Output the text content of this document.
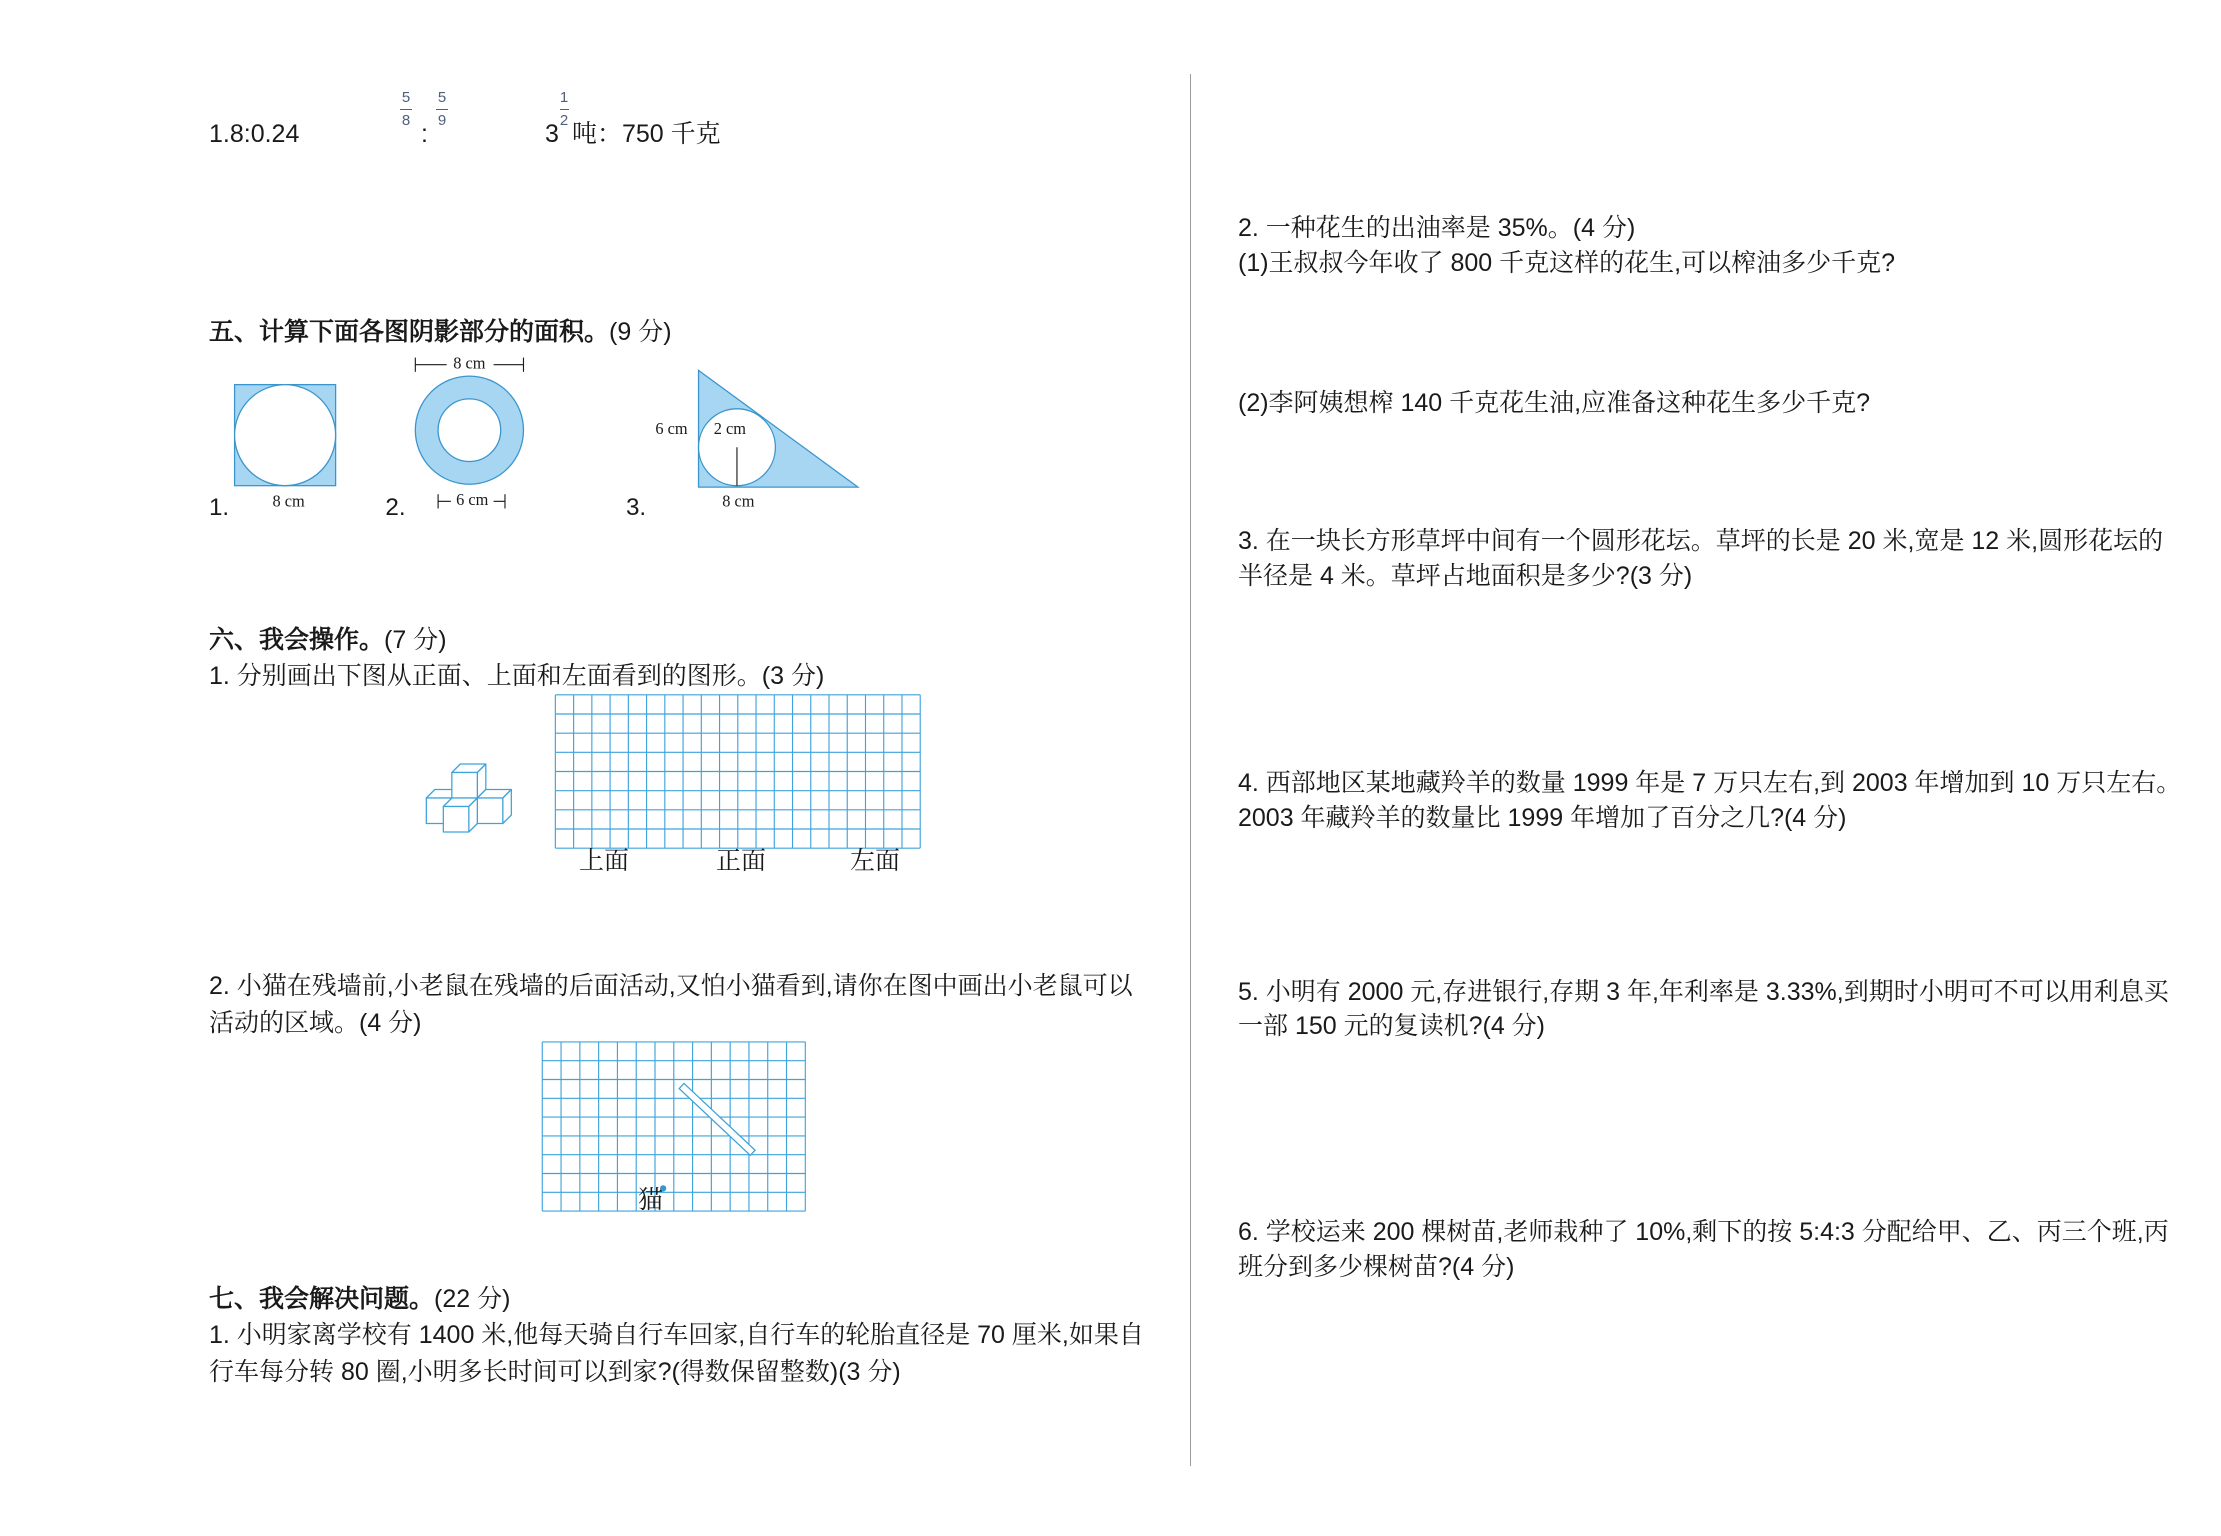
1.8:0.24
5
8 :
5
9	3
1
2 吨：750 千克
五、计算下面各图阴影部分的面积。(9 分)
8 cm
1.
8 cm
6 cm
2.
6 cm 2 cm
8 cm
3.
六、我会操作。(7 分)
1. 分别画出下图从正面、上面和左面看到的图形。(3 分)
上面	正面	左面
2. 小猫在残墙前,小老鼠在残墙的后面活动,又怕小猫看到,请你在图中画出小老鼠可以
活动的区域。(4 分)
猫
七、我会解决问题。(22 分)
1. 小明家离学校有 1400 米,他每天骑自行车回家,自行车的轮胎直径是 70 厘米,如果自
行车每分转 80 圈,小明多长时间可以到家?(得数保留整数)(3 分)
2. 一种花生的出油率是 35%。(4 分)
(1)王叔叔今年收了 800 千克这样的花生,可以榨油多少千克?
(2)李阿姨想榨 140 千克花生油,应准备这种花生多少千克?
3. 在一块长方形草坪中间有一个圆形花坛。草坪的长是 20 米,宽是 12 米,圆形花坛的
半径是 4 米。草坪占地面积是多少?(3 分)
4. 西部地区某地藏羚羊的数量 1999 年是 7 万只左右,到 2003 年增加到 10 万只左右。
2003 年藏羚羊的数量比 1999 年增加了百分之几?(4 分)
5. 小明有 2000 元,存进银行,存期 3 年,年利率是 3.33%,到期时小明可不可以用利息买
一部 150 元的复读机?(4 分)
6. 学校运来 200 棵树苗,老师栽种了 10%,剩下的按 5:4:3 分配给甲、乙、丙三个班,丙
班分到多少棵树苗?(4 分)
